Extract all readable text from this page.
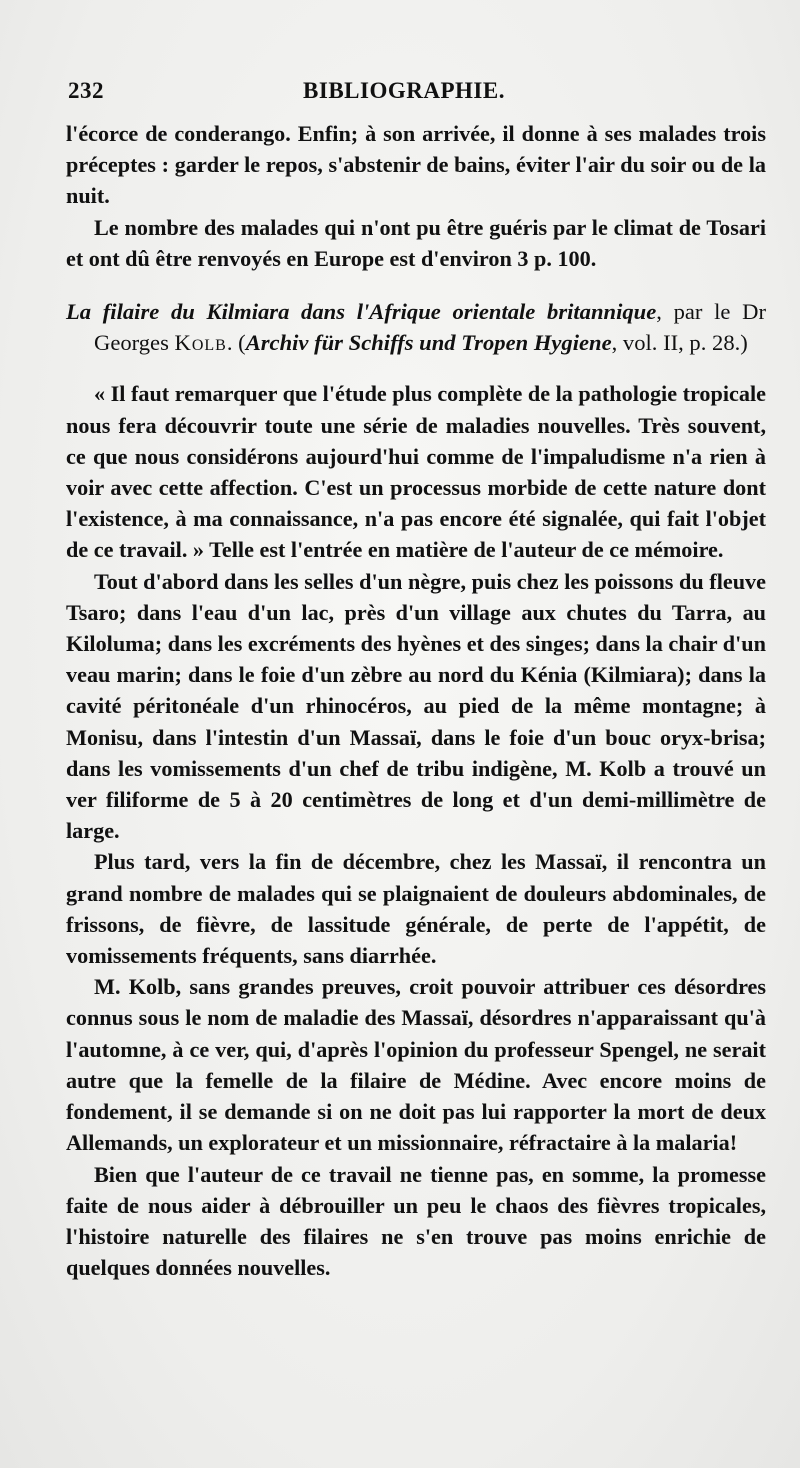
232	BIBLIOGRAPHIE.

l'écorce de conderango. Enfin; à son arrivée, il donne à ses malades trois préceptes : garder le repos, s'abstenir de bains, éviter l'air du soir ou de la nuit.

Le nombre des malades qui n'ont pu être guéris par le climat de Tosari et ont dû être renvoyés en Europe est d'environ 3 p. 100.

La filaire du Kilmiara dans l'Afrique orientale britannique, par le Dr Georges Kolb. (Archiv für Schiffs und Tropen Hygiene, vol. II, p. 28.)

« Il faut remarquer que l'étude plus complète de la pathologie tropicale nous fera découvrir toute une série de maladies nouvelles. Très souvent, ce que nous considérons aujourd'hui comme de l'impaludisme n'a rien à voir avec cette affection. C'est un processus morbide de cette nature dont l'existence, à ma connaissance, n'a pas encore été signalée, qui fait l'objet de ce travail. » Telle est l'entrée en matière de l'auteur de ce mémoire.

Tout d'abord dans les selles d'un nègre, puis chez les poissons du fleuve Tsaro; dans l'eau d'un lac, près d'un village aux chutes du Tarra, au Kiloluma; dans les excréments des hyènes et des singes; dans la chair d'un veau marin; dans le foie d'un zèbre au nord du Kénia (Kilmiara); dans la cavité péritonéale d'un rhinocéros, au pied de la même montagne; à Monisu, dans l'intestin d'un Massaï, dans le foie d'un bouc oryx-brisa; dans les vomissements d'un chef de tribu indigène, M. Kolb a trouvé un ver filiforme de 5 à 20 centimètres de long et d'un demi-millimètre de large.

Plus tard, vers la fin de décembre, chez les Massaï, il rencontra un grand nombre de malades qui se plaignaient de douleurs abdominales, de frissons, de fièvre, de lassitude générale, de perte de l'appétit, de vomissements fréquents, sans diarrhée.

M. Kolb, sans grandes preuves, croit pouvoir attribuer ces désordres connus sous le nom de maladie des Massaï, désordres n'apparaissant qu'à l'automne, à ce ver, qui, d'après l'opinion du professeur Spengel, ne serait autre que la femelle de la filaire de Médine. Avec encore moins de fondement, il se demande si on ne doit pas lui rapporter la mort de deux Allemands, un explorateur et un missionnaire, réfractaire à la malaria!

Bien que l'auteur de ce travail ne tienne pas, en somme, la promesse faite de nous aider à débrouiller un peu le chaos des fièvres tropicales, l'histoire naturelle des filaires ne s'en trouve pas moins enrichie de quelques données nouvelles.
